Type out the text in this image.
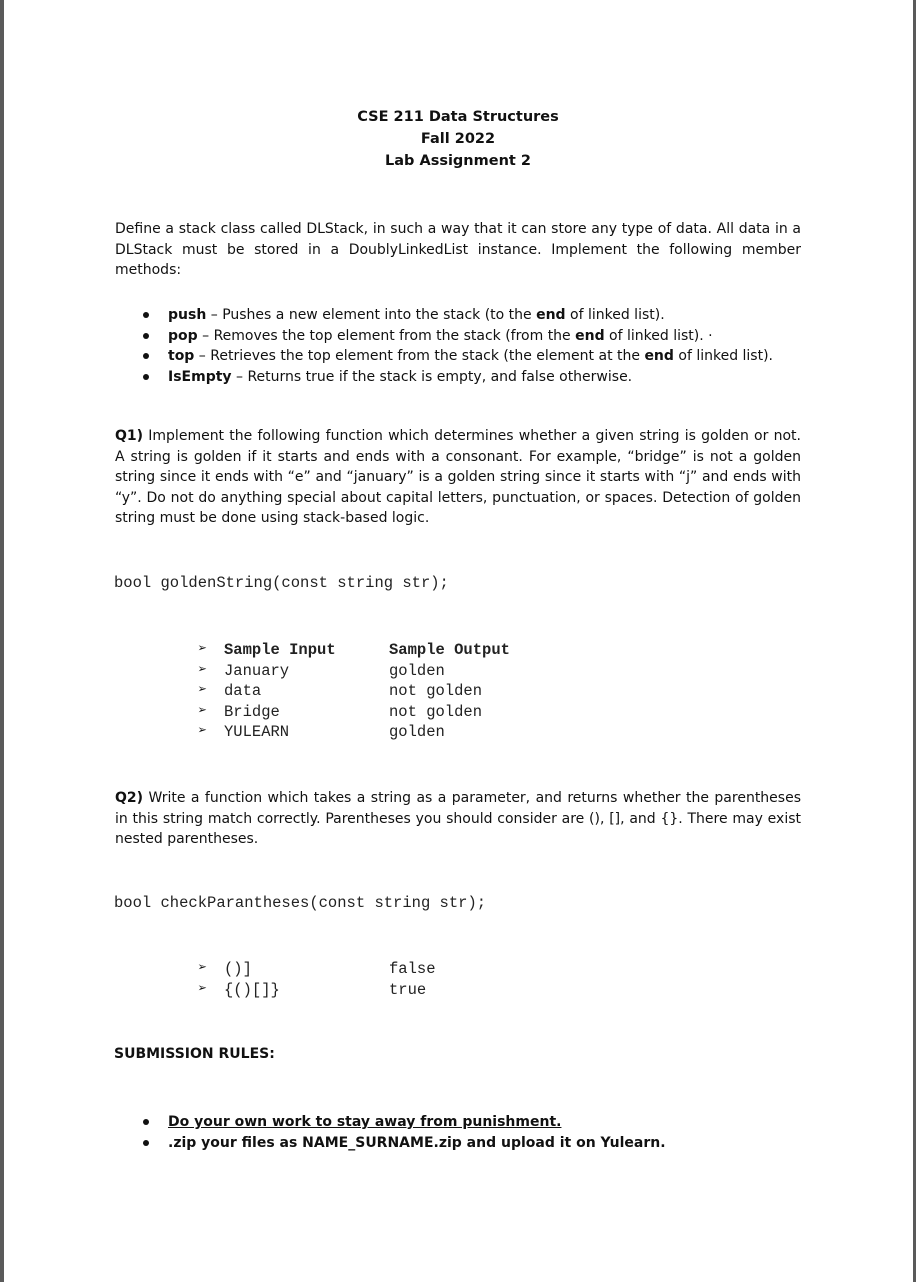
CSE 211 Data Structures
Fall 2022
Lab Assignment 2
Define a stack class called DLStack, in such a way that it can store any type of data. All data in a DLStack must be stored in a DoublyLinkedList instance. Implement the following member methods:
push – Pushes a new element into the stack (to the end of linked list).
pop – Removes the top element from the stack (from the end of linked list). ·
top – Retrieves the top element from the stack (the element at the end of linked list).
IsEmpty – Returns true if the stack is empty, and false otherwise.
Q1) Implement the following function which determines whether a given string is golden or not. A string is golden if it starts and ends with a consonant. For example, “bridge” is not a golden string since it ends with “e” and “january” is a golden string since it starts with “j” and ends with “y”. Do not do anything special about capital letters, punctuation, or spaces. Detection of golden string must be done using stack-based logic.
bool goldenString(const string str);
➢	Sample Input	Sample Output
➢	January	golden
➢	data	not golden
➢	Bridge	not golden
➢	YULEARN	golden
Q2) Write a function which takes a string as a parameter, and returns whether the parentheses in this string match correctly. Parentheses you should consider are (), [], and {}. There may exist nested parentheses.
bool checkParantheses(const string str);
➢	()]	false
➢	{()[]}	true
SUBMISSION RULES:
Do your own work to stay away from punishment.
.zip your files as NAME_SURNAME.zip and upload it on Yulearn.
